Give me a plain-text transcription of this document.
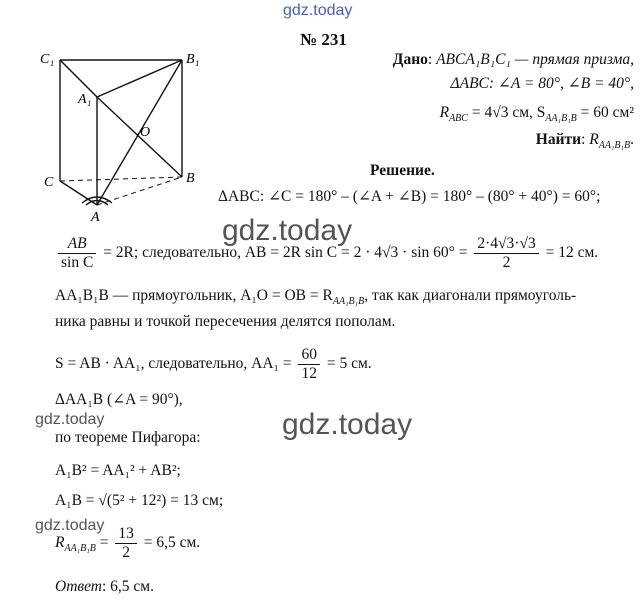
gdz.today
gdz.today
gdz.today
gdz.today
gdz.today
№ 231
C₁	B₁
A₁
O
C	B
A
Дано: ABCA₁B₁C₁ — прямая призма,
ΔABC: ∠A = 80°, ∠B = 40°,
$R_{ABC} = 4√3$ см, $S_{AA_1B_1B} = 60$ см²
Найти: $R_{AA_1B_1B}$.
Решение.
ΔABC: ∠C = 180° – (∠A + ∠B) = 180° – (80° + 40°) = 60°;
$\frac{AB}{\text{sin C}} = 2R$; следовательно, AB = 2R $\sin C = 2 \cdot 4√3 \cdot \sin 60^\circ = \frac{2\cdot 4√3\cdot√3}{2} = 12$ см.
AA₁B₁B — прямоугольник, A₁O = OB = $R_{AA_1B_1B}$, так как диагонали прямоуголь-
ника равны и точкой пересечения делятся пополам.
S = AB · AA₁, следовательно, $AA_1 = \frac{60}{12} = 5$ см.
ΔAA₁B (∠A = 90°),
по теореме Пифагора:
A₁B² = AA₁² + AB²;
A₁B = √(5² + 12²) = 13 см;
$R_{AA_1B_1B} = \frac{13}{2} = 6,5$ см.
Ответ: 6,5 см.
